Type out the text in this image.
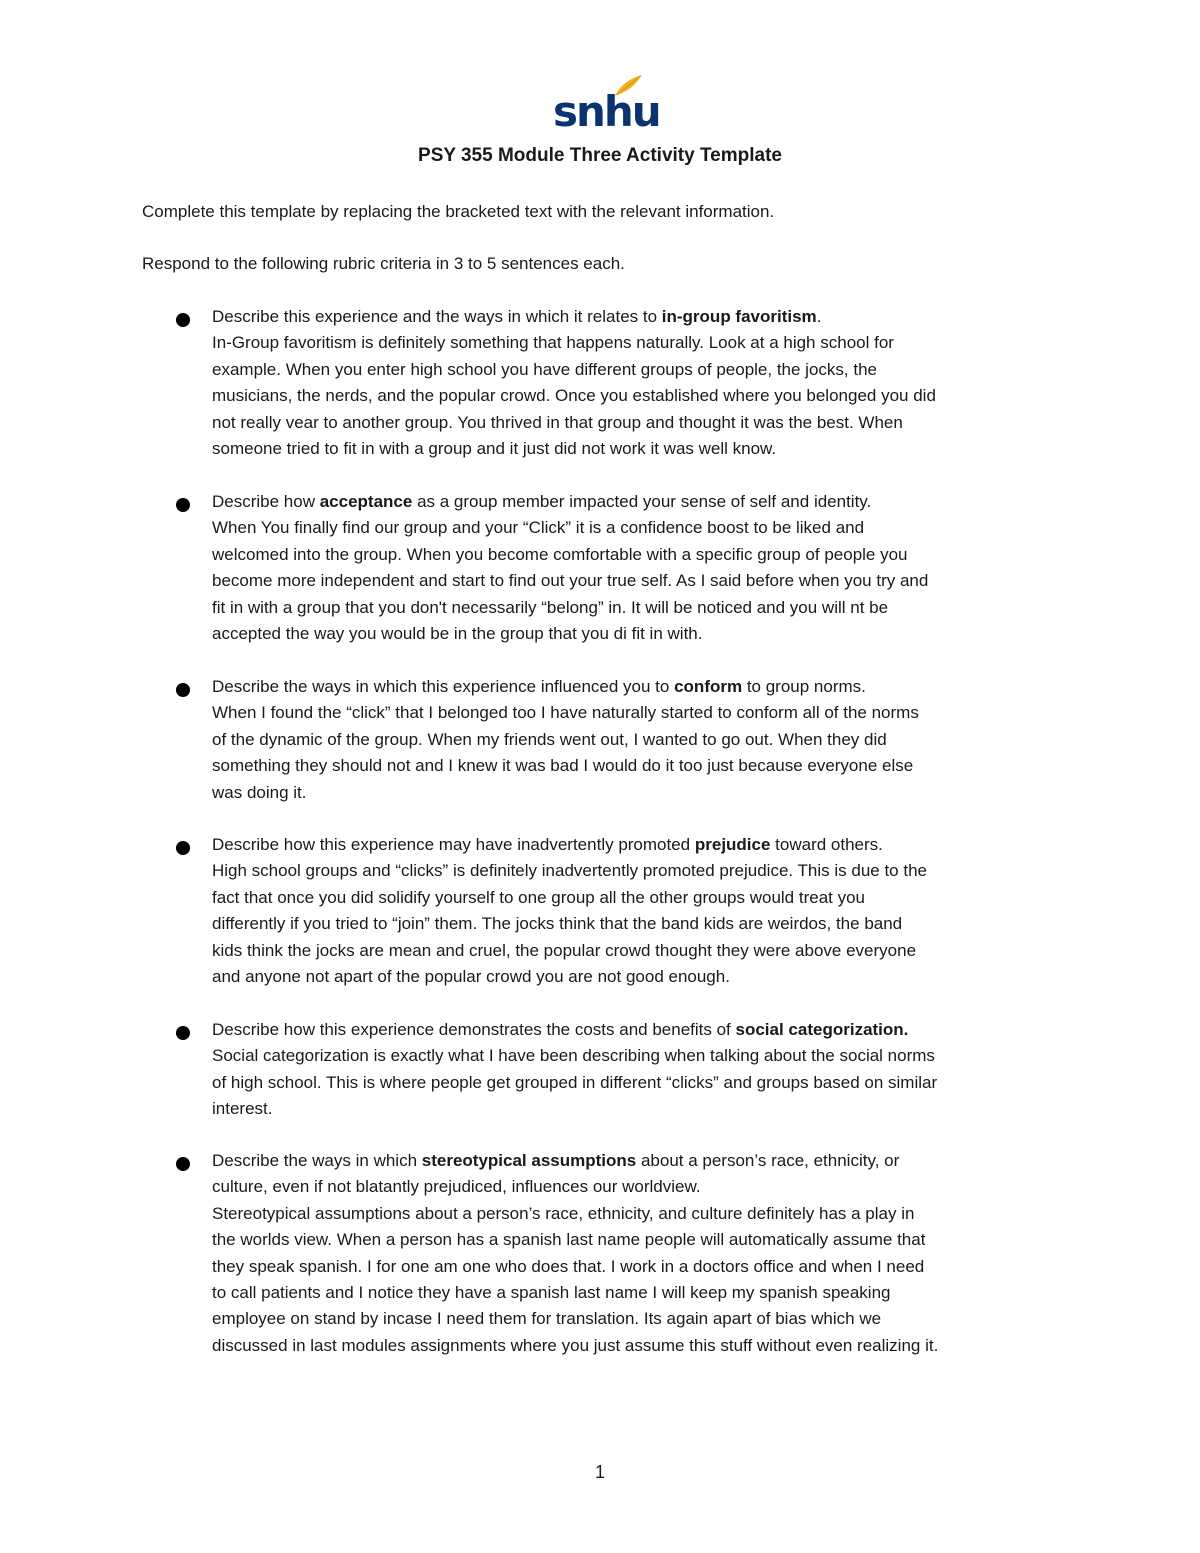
snhu
PSY 355 Module Three Activity Template
Complete this template by replacing the bracketed text with the relevant information.
Respond to the following rubric criteria in 3 to 5 sentences each.
Describe this experience and the ways in which it relates to in-group favoritism.
In-Group favoritism is definitely something that happens naturally. Look at a high school for
example. When you enter high school you have different groups of people, the jocks, the
musicians, the nerds, and the popular crowd. Once you established where you belonged you did
not really vear to another group. You thrived in that group and thought it was the best. When
someone tried to fit in with a group and it just did not work it was well know.
Describe how acceptance as a group member impacted your sense of self and identity.
When You finally find our group and your “Click” it is a confidence boost to be liked and
welcomed into the group. When you become comfortable with a specific group of people you
become more independent and start to find out your true self. As I said before when you try and
fit in with a group that you don't necessarily “belong” in. It will be noticed and you will nt be
accepted the way you would be in the group that you di fit in with.
Describe the ways in which this experience influenced you to conform to group norms.
When I found the “click” that I belonged too I have naturally started to conform all of the norms
of the dynamic of the group. When my friends went out, I wanted to go out. When they did
something they should not and I knew it was bad I would do it too just because everyone else
was doing it.
Describe how this experience may have inadvertently promoted prejudice toward others.
High school groups and “clicks” is definitely inadvertently promoted prejudice. This is due to the
fact that once you did solidify yourself to one group all the other groups would treat you
differently if you tried to “join” them. The jocks think that the band kids are weirdos, the band
kids think the jocks are mean and cruel, the popular crowd thought they were above everyone
and anyone not apart of the popular crowd you are not good enough.
Describe how this experience demonstrates the costs and benefits of social categorization.
Social categorization is exactly what I have been describing when talking about the social norms
of high school. This is where people get grouped in different “clicks” and groups based on similar
interest.
Describe the ways in which stereotypical assumptions about a person’s race, ethnicity, or
culture, even if not blatantly prejudiced, influences our worldview.
Stereotypical assumptions about a person’s race, ethnicity, and culture definitely has a play in
the worlds view. When a person has a spanish last name people will automatically assume that
they speak spanish. I for one am one who does that. I work in a doctors office and when I need
to call patients and I notice they have a spanish last name I will keep my spanish speaking
employee on stand by incase I need them for translation. Its again apart of bias which we
discussed in last modules assignments where you just assume this stuff without even realizing it.
1
